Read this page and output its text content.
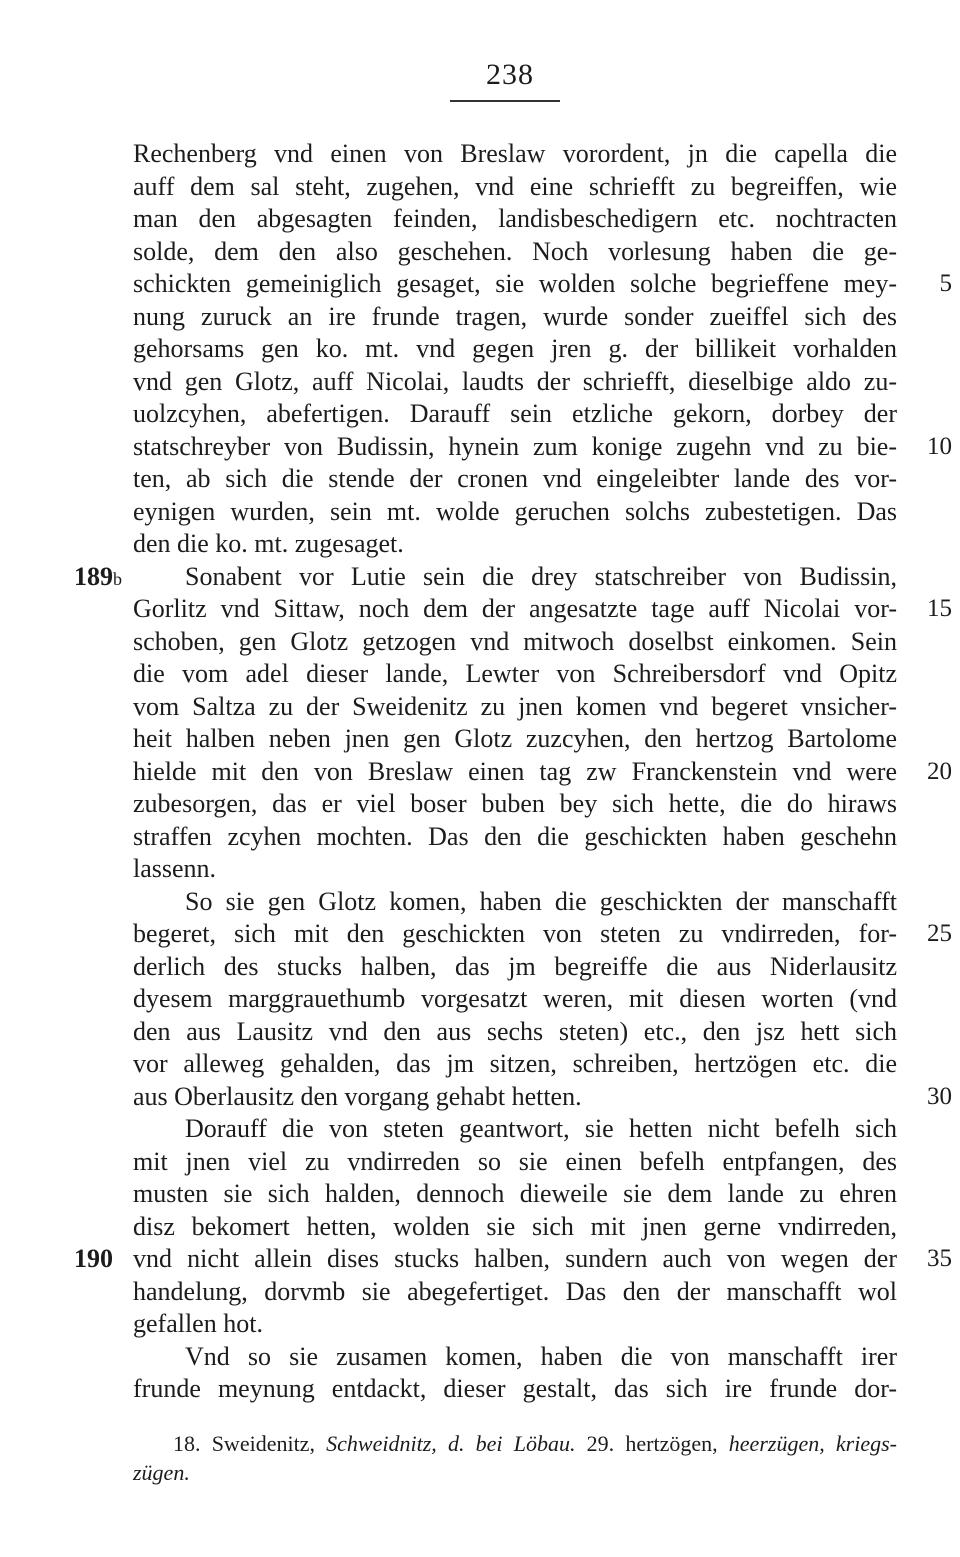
238
Rechenberg vnd einen von Breslaw vorordent, jn die capella die
auff dem sal steht, zugehen, vnd eine schriefft zu begreiffen, wie
man den abgesagten feinden, landisbeschedigern etc. nochtracten
solde, dem den also geschehen. Noch vorlesung haben die ge-
schickten gemeiniglich gesaget, sie wolden solche begrieffene mey-
nung zuruck an ire frunde tragen, wurde sonder zueiffel sich des
gehorsams gen ko. mt. vnd gegen jren g. der billikeit vorhalden
vnd gen Glotz, auff Nicolai, laudts der schriefft, dieselbige aldo zu-
uolzcyhen, abefertigen. Darauff sein etzliche gekorn, dorbey der
statschreyber von Budissin, hynein zum konige zugehn vnd zu bie-
ten, ab sich die stende der cronen vnd eingeleibter lande des vor-
eynigen wurden, sein mt. wolde geruchen solchs zubestetigen. Das
den die ko. mt. zugesaget.
Sonabent vor Lutie sein die drey statschreiber von Budissin,
Gorlitz vnd Sittaw, noch dem der angesatzte tage auff Nicolai vor-
schoben, gen Glotz getzogen vnd mitwoch doselbst einkomen. Sein
die vom adel dieser lande, Lewter von Schreibersdorf vnd Opitz
vom Saltza zu der Sweidenitz zu jnen komen vnd begeret vnsicher-
heit halben neben jnen gen Glotz zuzcyhen, den hertzog Bartolome
hielde mit den von Breslaw einen tag zw Franckenstein vnd were
zubesorgen, das er viel boser buben bey sich hette, die do hiraws
straffen zcyhen mochten. Das den die geschickten haben geschehn
lassenn.
So sie gen Glotz komen, haben die geschickten der manschafft
begeret, sich mit den geschickten von steten zu vndirreden, for-
derlich des stucks halben, das jm begreiffe die aus Niderlausitz
dyesem marggrauethumb vorgesatzt weren, mit diesen worten (vnd
den aus Lausitz vnd den aus sechs steten) etc., den jsz hett sich
vor alleweg gehalden, das jm sitzen, schreiben, hertzögen etc. die
aus Oberlausitz den vorgang gehabt hetten.
Dorauff die von steten geantwort, sie hetten nicht befelh sich
mit jnen viel zu vndirreden so sie einen befelh entpfangen, des
musten sie sich halden, dennoch dieweile sie dem lande zu ehren
disz bekomert hetten, wolden sie sich mit jnen gerne vndirreden,
vnd nicht allein dises stucks halben, sundern auch von wegen der
handelung, dorvmb sie abegefertiget. Das den der manschafft wol
gefallen hot.
Vnd so sie zusamen komen, haben die von manschafft irer
frunde meynung entdackt, dieser gestalt, das sich ire frunde dor-
5
10
15
20
25
30
35
189b
190
18. Sweidenitz, Schweidnitz, d. bei Löbau. 29. hertzögen, heerzügen, kriegs-
zügen.
